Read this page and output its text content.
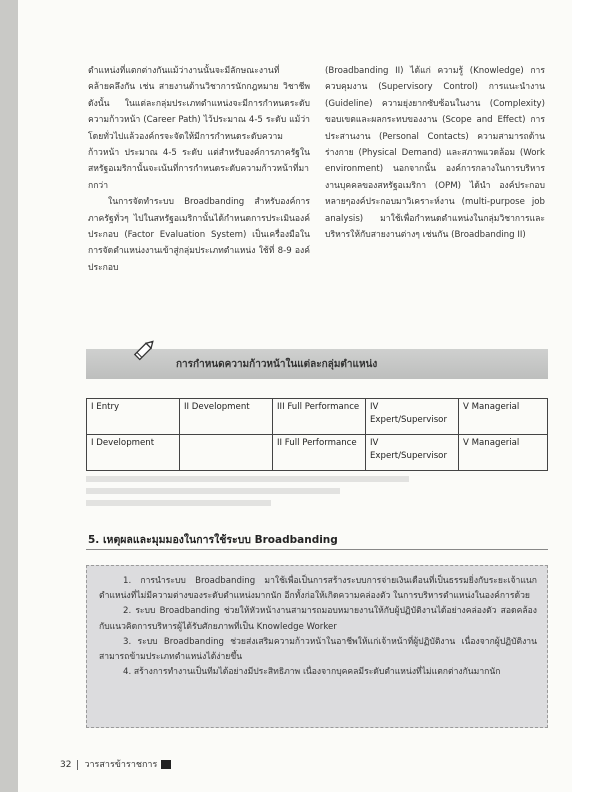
ตำแหน่งที่แตกต่างกันแม้ว่างานนั้นจะมีลักษณะงานที่คล้ายคลึงกัน เช่น สายงานด้านวิชาการนักกฎหมาย วิชาชีพ ดังนั้น ในแต่ละกลุ่มประเภทตำแหน่งจะมีการกำหนดระดับความก้าวหน้า (Career Path) ไว้ประมาณ 4-5 ระดับ แม้ว่าโดยทั่วไปแล้วองค์กรจะจัดให้มีการกำหนดระดับความก้าวหน้า ประมาณ 4-5 ระดับ แต่สำหรับองค์การภาครัฐในสหรัฐอเมริกานั้นจะเน้นที่การกำหนดระดับความก้าวหน้าที่มากกว่า

ในการจัดทำระบบ Broadbanding สำหรับองค์การภาครัฐทั่วๆ ไปในสหรัฐอเมริกานั้นได้กำหนดการประเมินองค์ประกอบ (Factor Evaluation System) เป็นเครื่องมือในการจัดตำแหน่งงานเข้าสู่กลุ่มประเภทตำแหน่ง ใช้ที่ 8-9 องค์ประกอบ

(Broadbanding II) ได้แก่ ความรู้ (Knowledge) การควบคุมงาน (Supervisory Control) การแนะนำงาน (Guideline) ความยุ่งยากซับซ้อนในงาน (Complexity) ขอบเขตและผลกระทบของงาน (Scope and Effect) การประสานงาน (Personal Contacts) ความสามารถด้านร่างกาย (Physical Demand) และสภาพแวดล้อม (Work environment) นอกจากนั้น องค์การกลางในการบริหารงานบุคคลของสหรัฐอเมริกา (OPM) ได้นำ องค์ประกอบหลายๆองค์ประกอบมาวิเคราะห์งาน (multi-purpose job analysis) มาใช้เพื่อกำหนดตำแหน่งในกลุ่มวิชาการและบริหารให้กับสายงานต่างๆ เช่นกัน (Broadbanding II)

การกำหนดความก้าวหน้าในแต่ละกลุ่มตำแหน่ง
I Entry	II Development	III Full Performance	IV Expert/Supervisor	V Managerial
I Development		II Full Performance	IV Expert/Supervisor	V Managerial
5. เหตุผลและมุมมองในการใช้ระบบ Broadbanding

1. การนำระบบ Broadbanding มาใช้เพื่อเป็นการสร้างระบบการจ่ายเงินเดือนที่เป็นธรรมยิ่งกับระยะเจ้าแนกตำแหน่งที่ไม่มีความต่างของระดับตำแหน่งมากนัก อีกทั้งก่อให้เกิดความคล่องตัว ในการบริหารตำแหน่งในองค์การด้วย

2. ระบบ Broadbanding ช่วยให้หัวหน้างานสามารถมอบหมายงานให้กับผู้ปฏิบัติงานได้อย่างคล่องตัว สอดคล้องกับแนวคิดการบริหารผู้ได้รับศักยภาพที่เป็น Knowledge Worker

3. ระบบ Broadbanding ช่วยส่งเสริมความก้าวหน้าในอาชีพให้แก่เจ้าหน้าที่ผู้ปฏิบัติงาน เนื่องจากผู้ปฏิบัติงานสามารถข้ามประเภทตำแหน่งได้ง่ายขึ้น

4. สร้างการทำงานเป็นทีมได้อย่างมีประสิทธิภาพ เนื่องจากบุคคลมีระดับตำแหน่งที่ไม่แตกต่างกันมากนัก

32 วารสารข้าราชการ
